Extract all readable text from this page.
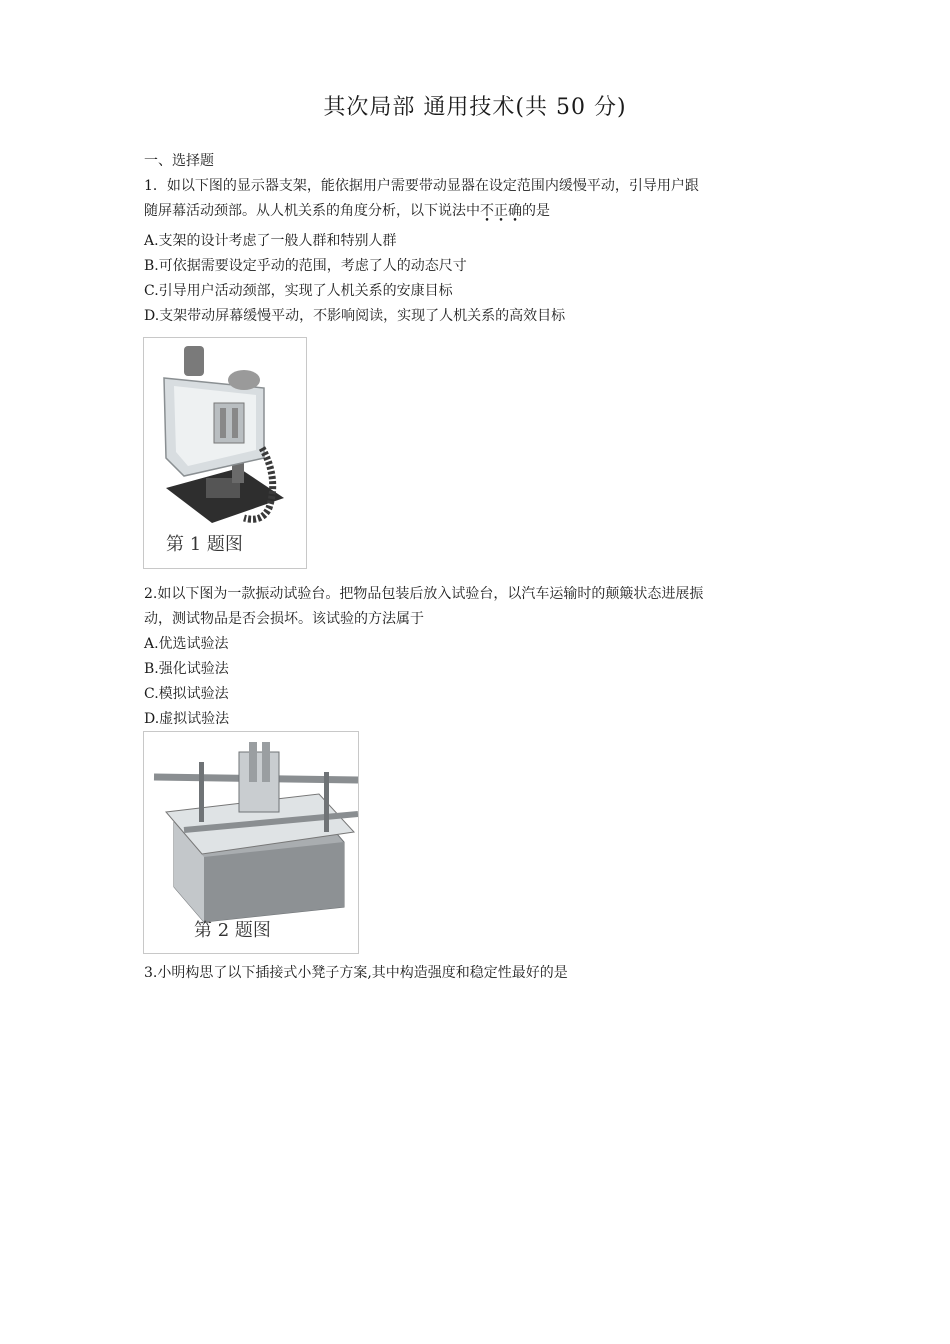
其次局部 通用技术(共 50 分)
一、选择题
1．如以下图的显示器支架，能依据用户需要带动显器在设定范围内缓慢平动，引导用户跟
随屏幕活动颈部。从人机关系的角度分析，以下说法中不正确的是
A.支架的设计考虑了一般人群和特别人群
B.可依据需要设定乎动的范围，考虑了人的动态尺寸
C.引导用户活动颈部，实现了人机关系的安康目标
D.支架带动屏幕缓慢平动，不影响阅读，实现了人机关系的高效目标
第 1 题图
2.如以下图为一款振动试验台。把物品包装后放入试验台，以汽车运输时的颠簸状态进展振
动，测试物品是否会损坏。该试验的方法属于
A.优选试验法
B.强化试验法
C.模拟试验法
D.虚拟试验法
第 2 题图
3.小明构思了以下插接式小凳子方案,其中构造强度和稳定性最好的是
